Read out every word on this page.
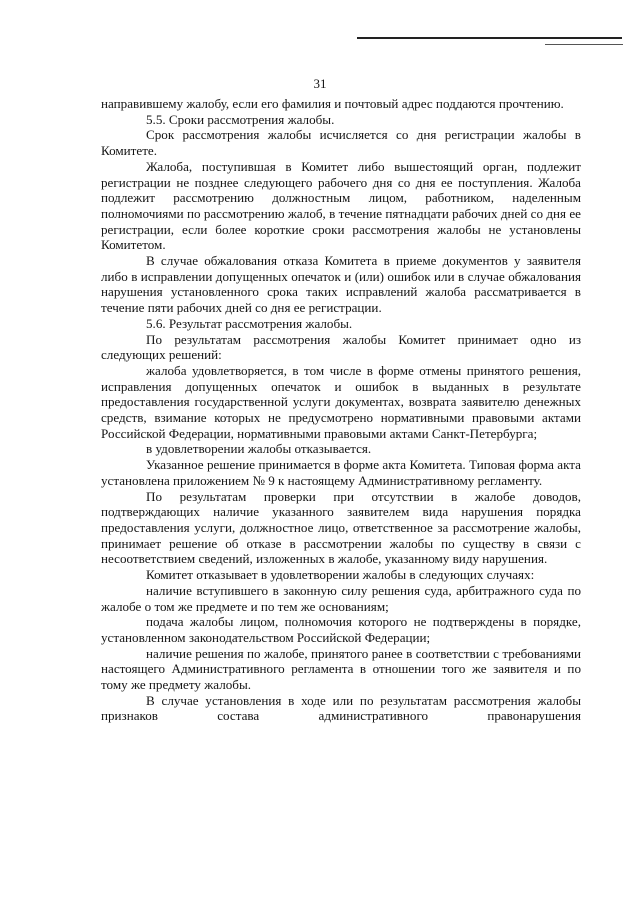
31

направившему жалобу, если его фамилия и почтовый адрес поддаются прочтению.

5.5. Сроки рассмотрения жалобы.

Срок рассмотрения жалобы исчисляется со дня регистрации жалобы в Комитете.

Жалоба, поступившая в Комитет либо вышестоящий орган, подлежит регистрации не позднее следующего рабочего дня со дня ее поступления. Жалоба подлежит рассмотрению должностным лицом, работником, наделенным полномочиями по рассмотрению жалоб, в течение пятнадцати рабочих дней со дня ее регистрации, если более короткие сроки рассмотрения жалобы не установлены Комитетом.

В случае обжалования отказа Комитета в приеме документов у заявителя либо в исправлении допущенных опечаток и (или) ошибок или в случае обжалования нарушения установленного срока таких исправлений жалоба рассматривается в течение пяти рабочих дней со дня ее регистрации.

5.6. Результат рассмотрения жалобы.

По результатам рассмотрения жалобы Комитет принимает одно из следующих решений:

жалоба удовлетворяется, в том числе в форме отмены принятого решения, исправления допущенных опечаток и ошибок в выданных в результате предоставления государственной услуги документах, возврата заявителю денежных средств, взимание которых не предусмотрено нормативными правовыми актами Российской Федерации, нормативными правовыми актами Санкт-Петербурга;

в удовлетворении жалобы отказывается.

Указанное решение принимается в форме акта Комитета. Типовая форма акта установлена приложением № 9 к настоящему Административному регламенту.

По результатам проверки при отсутствии в жалобе доводов, подтверждающих наличие указанного заявителем вида нарушения порядка предоставления услуги, должностное лицо, ответственное за рассмотрение жалобы, принимает решение об отказе в рассмотрении жалобы по существу в связи с несоответствием сведений, изложенных в жалобе, указанному виду нарушения.

Комитет отказывает в удовлетворении жалобы в следующих случаях:

наличие вступившего в законную силу решения суда, арбитражного суда по жалобе о том же предмете и по тем же основаниям;

подача жалобы лицом, полномочия которого не подтверждены в порядке, установленном законодательством Российской Федерации;

наличие решения по жалобе, принятого ранее в соответствии с требованиями настоящего Административного регламента в отношении того же заявителя и по тому же предмету жалобы.

В случае установления в ходе или по результатам рассмотрения жалобы признаков состава административного правонарушения
